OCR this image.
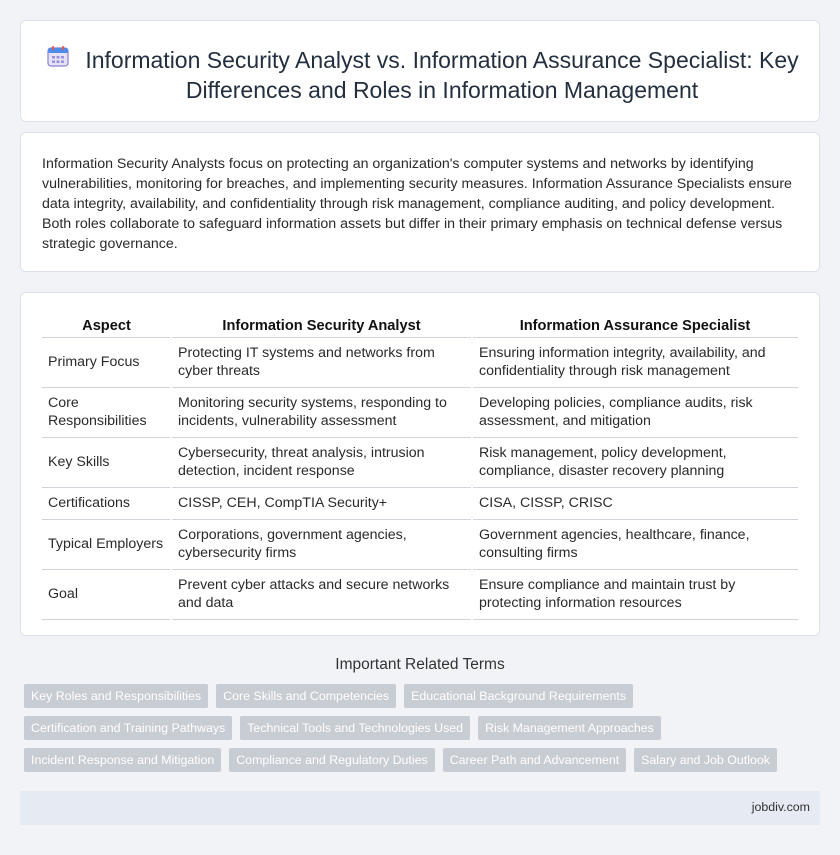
Information Security Analyst vs. Information Assurance Specialist: Key Differences and Roles in Information Management

Information Security Analysts focus on protecting an organization's computer systems and networks by identifying vulnerabilities, monitoring for breaches, and implementing security measures. Information Assurance Specialists ensure data integrity, availability, and confidentiality through risk management, compliance auditing, and policy development. Both roles collaborate to safeguard information assets but differ in their primary emphasis on technical defense versus strategic governance.

Aspect	Information Security Analyst	Information Assurance Specialist
Primary Focus	Protecting IT systems and networks from cyber threats	Ensuring information integrity, availability, and confidentiality through risk management
Core Responsibilities	Monitoring security systems, responding to incidents, vulnerability assessment	Developing policies, compliance audits, risk assessment, and mitigation
Key Skills	Cybersecurity, threat analysis, intrusion detection, incident response	Risk management, policy development, compliance, disaster recovery planning
Certifications	CISSP, CEH, CompTIA Security+	CISA, CISSP, CRISC
Typical Employers	Corporations, government agencies, cybersecurity firms	Government agencies, healthcare, finance, consulting firms
Goal	Prevent cyber attacks and secure networks and data	Ensure compliance and maintain trust by protecting information resources
Important Related Terms
Key Roles and Responsibilities	Core Skills and Competencies	Educational Background Requirements
Certification and Training Pathways	Technical Tools and Technologies Used	Risk Management Approaches
Incident Response and Mitigation	Compliance and Regulatory Duties	Career Path and Advancement	Salary and Job Outlook
jobdiv.com
